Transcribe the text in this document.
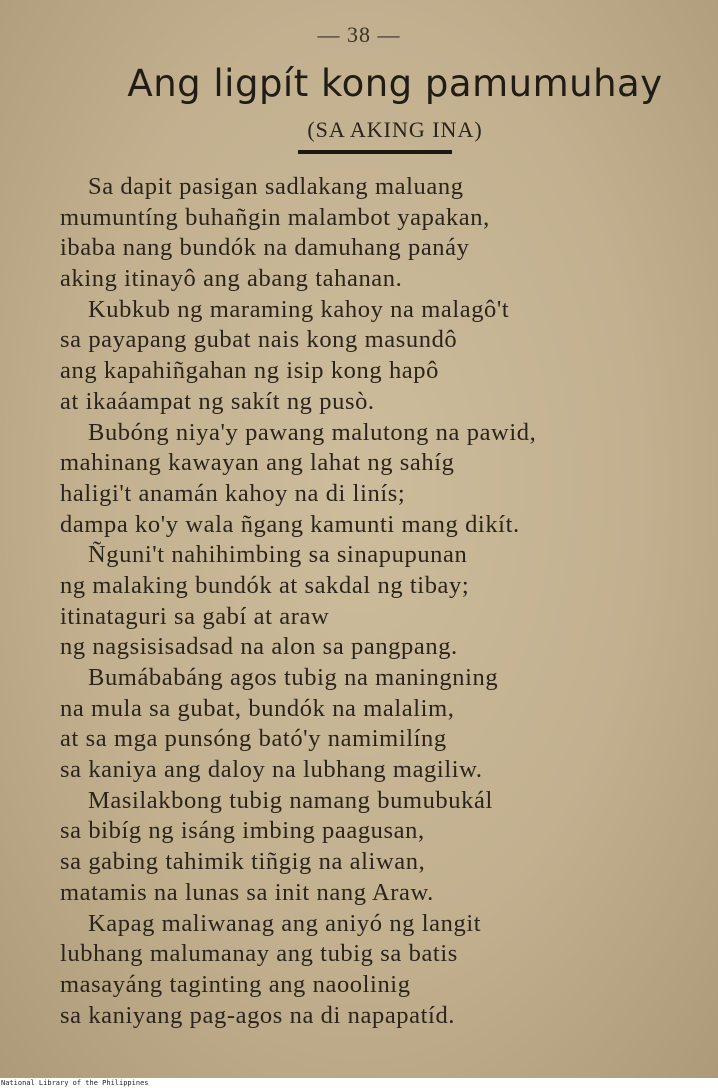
— 38 —
Ang ligpít kong pamumuhay
(SA AKING INA)
Sa dapit pasigan sadlakang maluang
mumuntíng buhañgin malambot yapakan,
ibaba nang bundók na damuhang panáy
aking itinayô ang abang tahanan.
Kubkub ng maraming kahoy na malagô't
sa payapang gubat nais kong masundô
ang kapahiñgahan ng isip kong hapô
at ikaáampat ng sakít ng pusò.
Bubóng niya'y pawang malutong na pawid,
mahinang kawayan ang lahat ng sahíg
haligi't anamán kahoy na di linís;
dampa ko'y wala ñgang kamunti mang dikít.
Ñguni't nahihimbing sa sinapupunan
ng malaking bundók at sakdal ng tibay;
itinataguri sa gabí at araw
ng nagsisisadsad na alon sa pangpang.
Bumábabáng agos tubig na maningning
na mula sa gubat, bundók na malalim,
at sa mga punsóng bató'y namimilíng
sa kaniya ang daloy na lubhang magiliw.
Masilakbong tubig namang bumubukál
sa bibíg ng isáng imbing paagusan,
sa gabing tahimik tiñgig na aliwan,
matamis na lunas sa init nang Araw.
Kapag maliwanag ang aniyó ng langit
lubhang malumanay ang tubig sa batis
masayáng taginting ang naoolinig
sa kaniyang pag-agos na di napapatíd.
National Library of the Philippines
